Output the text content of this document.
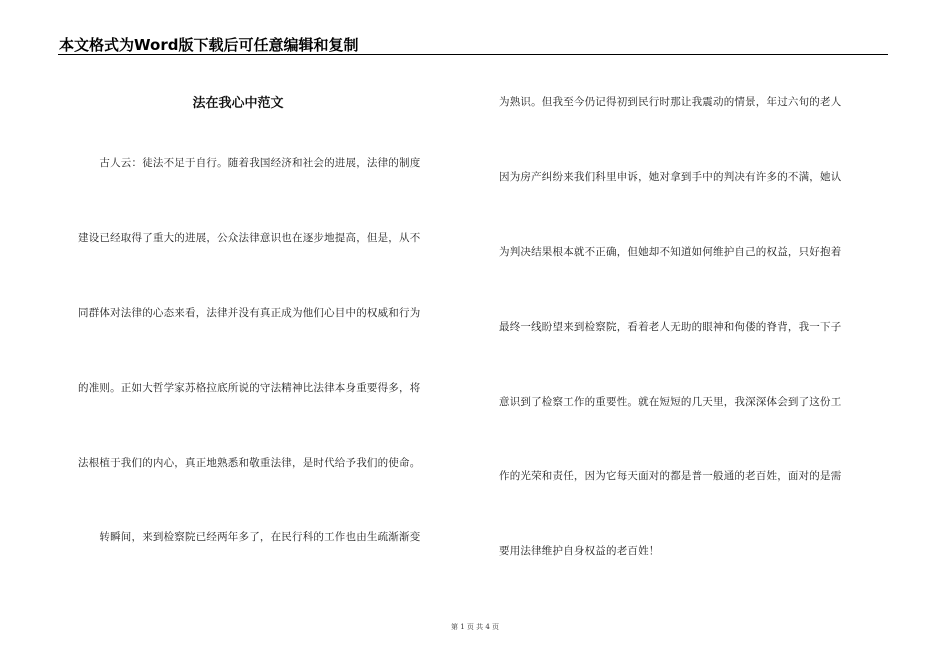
本文格式为Word版下载后可任意编辑和复制
法在我心中范文
　　古人云：徒法不足于自行。随着我国经济和社会的进展，法律的制度
建设已经取得了重大的进展，公众法律意识也在逐步地提高，但是，从不
同群体对法律的心态来看，法律并没有真正成为他们心目中的权威和行为
的准则。正如大哲学家苏格拉底所说的守法精神比法律本身重要得多，将
法根植于我们的内心，真正地熟悉和敬重法律，是时代给予我们的使命。
　　转瞬间，来到检察院已经两年多了，在民行科的工作也由生疏渐渐变
为熟识。但我至今仍记得初到民行时那让我震动的情景，年过六旬的老人
因为房产纠纷来我们科里申诉，她对拿到手中的判决有许多的不满，她认
为判决结果根本就不正确，但她却不知道如何维护自己的权益，只好抱着
最终一线盼望来到检察院，看着老人无助的眼神和佝偻的脊背，我一下子
意识到了检察工作的重要性。就在短短的几天里，我深深体会到了这份工
作的光荣和责任，因为它每天面对的都是普一般通的老百姓，面对的是需
要用法律维护自身权益的老百姓！
第 1 页 共 4 页
